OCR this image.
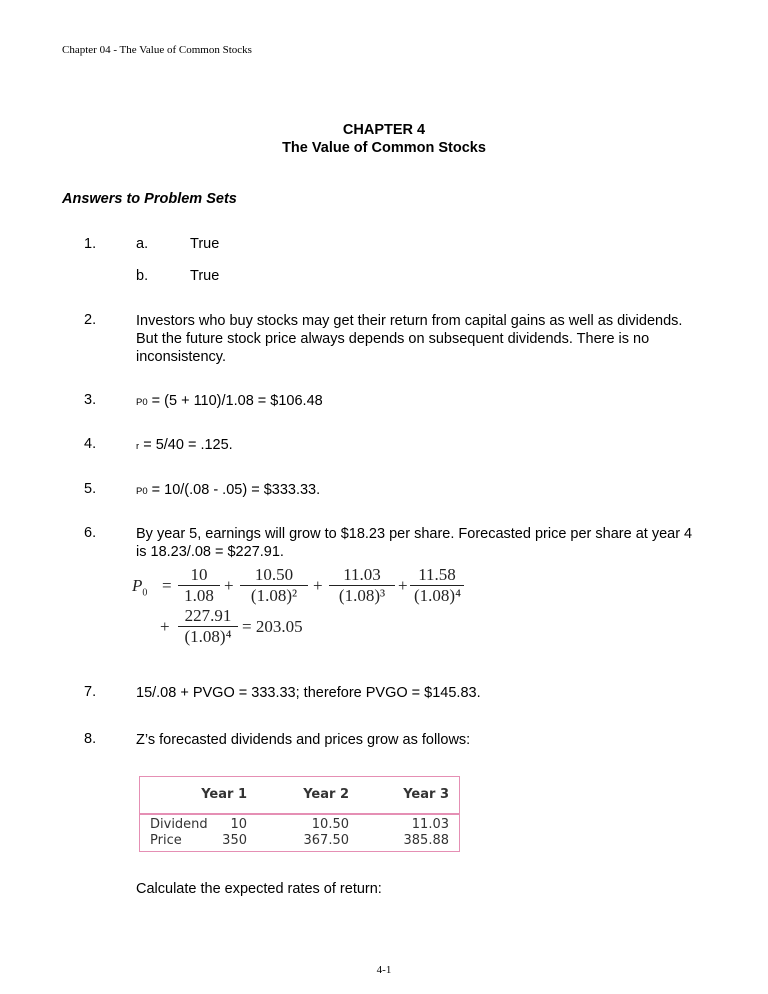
Chapter 04 - The Value of Common Stocks
CHAPTER 4
The Value of Common Stocks
Answers to Problem Sets
1.	a.	True
b.	True
2.	Investors who buy stocks may get their return from capital gains as well as dividends. But the future stock price always depends on subsequent dividends. There is no inconsistency.
3.	P0 = (5 + 110)/1.08 = $106.48
4.	r = 5/40 = .125.
5.	P0 = 10/(.08 - .05) = $333.33.
6.	By year 5, earnings will grow to $18.23 per share. Forecasted price per share at year 4 is 18.23/.08 = $227.91.
$P_0$ =
10
1.08
+
10.50
(1.08)²
+
11.03
(1.08)³
+
11.58
(1.08)⁴
+
227.91
(1.08)⁴
= 203.05
7.	15/.08 + PVGO = 333.33; therefore PVGO = $145.83.
8.	Z’s forecasted dividends and prices grow as follows:
Year 1	Year 2	Year 3
Dividend 10	10.50	11.03
Price	350	367.50	385.88
Calculate the expected rates of return:
4-1
